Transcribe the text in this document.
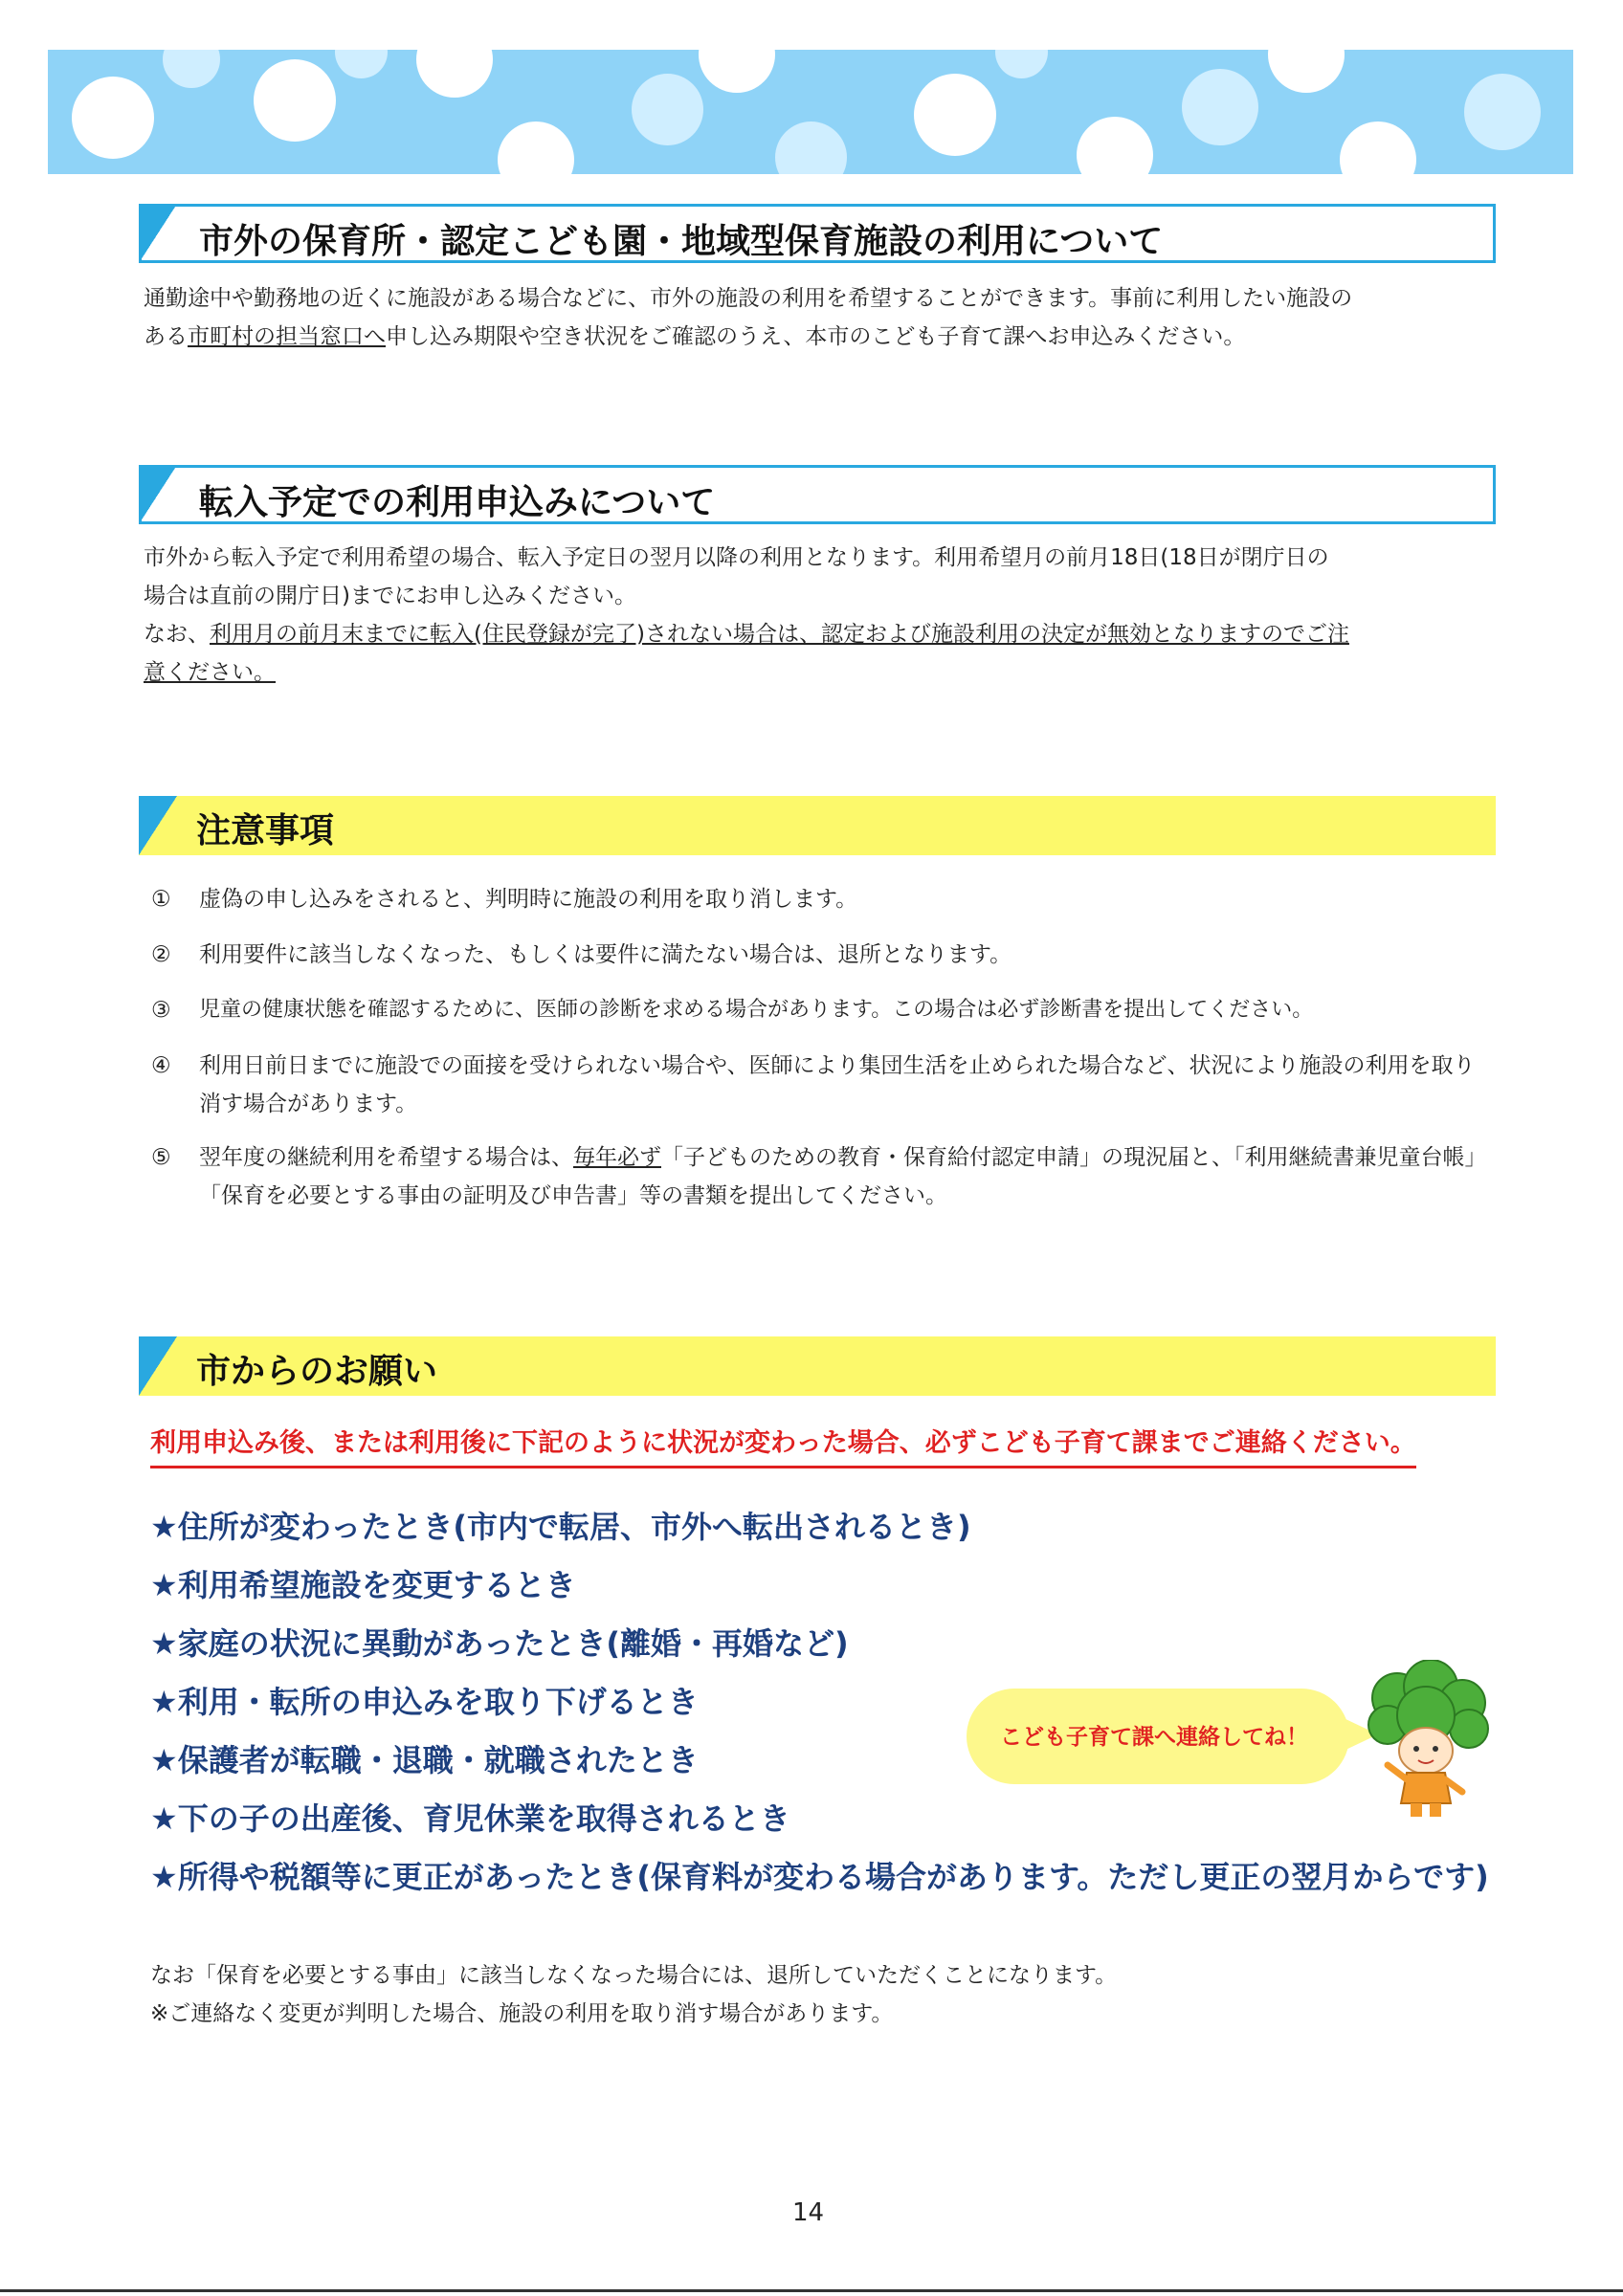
市外の保育所・認定こども園・地域型保育施設の利用について
通勤途中や勤務地の近くに施設がある場合などに、市外の施設の利用を希望することができます。事前に利用したい施設の
ある市町村の担当窓口へ申し込み期限や空き状況をご確認のうえ、本市のこども子育て課へお申込みください。
転入予定での利用申込みについて
市外から転入予定で利用希望の場合、転入予定日の翌月以降の利用となります。利用希望月の前月18日(18日が閉庁日の
場合は直前の開庁日)までにお申し込みください。
なお、利用月の前月末までに転入(住民登録が完了)されない場合は、認定および施設利用の決定が無効となりますのでご注
意ください。
注意事項
①	虚偽の申し込みをされると、判明時に施設の利用を取り消します。
②	利用要件に該当しなくなった、もしくは要件に満たない場合は、退所となります。
③	児童の健康状態を確認するために、医師の診断を求める場合があります。この場合は必ず診断書を提出してください。
④	利用日前日までに施設での面接を受けられない場合や、医師により集団生活を止められた場合など、状況により施設の利用を取り消す場合があります。
⑤	翌年度の継続利用を希望する場合は、毎年必ず「子どものための教育・保育給付認定申請」の現況届と、「利用継続書兼児童台帳」「保育を必要とする事由の証明及び申告書」等の書類を提出してください。
市からのお願い
利用申込み後、または利用後に下記のように状況が変わった場合、必ずこども子育て課までご連絡ください。
★住所が変わったとき(市内で転居、市外へ転出されるとき)
★利用希望施設を変更するとき
★家庭の状況に異動があったとき(離婚・再婚など)
★利用・転所の申込みを取り下げるとき
★保護者が転職・退職・就職されたとき
★下の子の出産後、育児休業を取得されるとき
★所得や税額等に更正があったとき(保育料が変わる場合があります。ただし更正の翌月からです)
こども子育て課へ連絡してね！
なお「保育を必要とする事由」に該当しなくなった場合には、退所していただくことになります。
※ご連絡なく変更が判明した場合、施設の利用を取り消す場合があります。
14
